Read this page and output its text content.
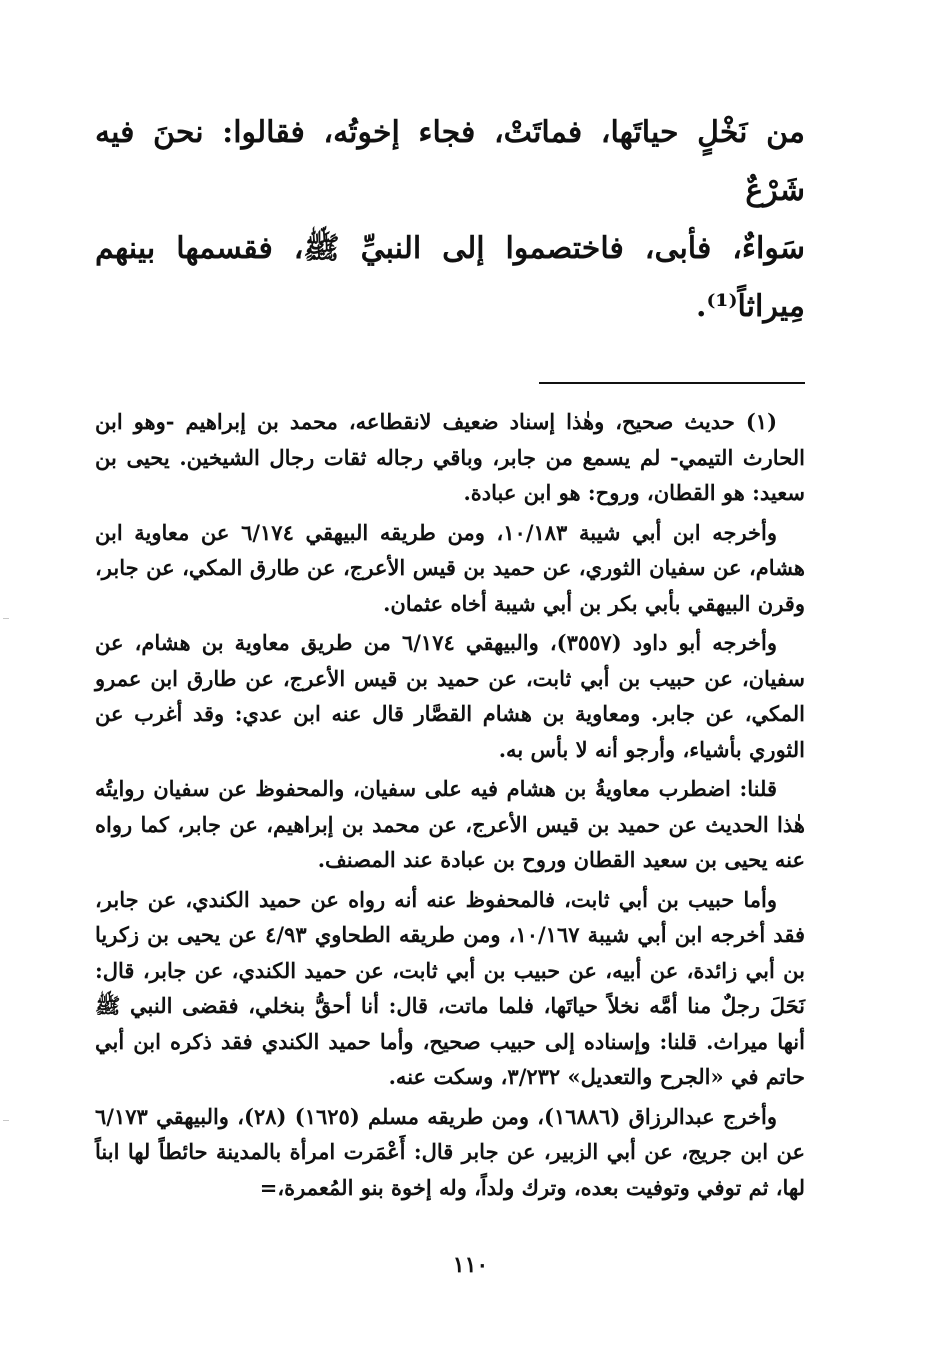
من نَخْلٍ حياتَها، فماتَتْ، فجاء إخوتُه، فقالوا: نحنَ فيه شَرْعٌ

سَواءٌ، فأبى، فاختصموا إلى النبيِّ ﷺ، فقسمها بينهم مِيراثاً⁽¹⁾.

(١) حديث صحيح، وهٰذا إسناد ضعيف لانقطاعه، محمد بن إبراهيم -وهو ابن الحارث التيمي- لم يسمع من جابر، وباقي رجاله ثقات رجال الشيخين. يحيى بن سعيد: هو القطان، وروح: هو ابن عبادة.

وأخرجه ابن أبي شيبة ١٠/١٨٣، ومن طريقه البيهقي ٦/١٧٤ عن معاوية ابن هشام، عن سفيان الثوري، عن حميد بن قيس الأعرج، عن طارق المكي، عن جابر، وقرن البيهقي بأبي بكر بن أبي شيبة أخاه عثمان.

وأخرجه أبو داود (٣٥٥٧)، والبيهقي ٦/١٧٤ من طريق معاوية بن هشام، عن سفيان، عن حبيب بن أبي ثابت، عن حميد بن قيس الأعرج، عن طارق ابن عمرو المكي، عن جابر. ومعاوية بن هشام القصَّار قال عنه ابن عدي: وقد أغرب عن الثوري بأشياء، وأرجو أنه لا بأس به.

قلنا: اضطرب معاويةُ بن هشام فيه على سفيان، والمحفوظ عن سفيان روايتُه هٰذا الحديث عن حميد بن قيس الأعرج، عن محمد بن إبراهيم، عن جابر، كما رواه عنه يحيى بن سعيد القطان وروح بن عبادة عند المصنف.

وأما حبيب بن أبي ثابت، فالمحفوظ عنه أنه رواه عن حميد الكندي، عن جابر، فقد أخرجه ابن أبي شيبة ١٠/١٦٧، ومن طريقه الطحاوي ٤/٩٣ عن يحيى بن زكريا بن أبي زائدة، عن أبيه، عن حبيب بن أبي ثابت، عن حميد الكندي، عن جابر، قال: نَحَلَ رجلٌ منا أمَّه نخلاً حياتَها، فلما ماتت، قال: أنا أحقُّ بنخلي، فقضى النبي ﷺ أنها ميراث. قلنا: وإسناده إلى حبيب صحيح، وأما حميد الكندي فقد ذكره ابن أبي حاتم في «الجرح والتعديل» ٣/٢٣٢، وسكت عنه.

وأخرج عبدالرزاق (١٦٨٨٦)، ومن طريقه مسلم (١٦٢٥) (٢٨)، والبيهقي ٦/١٧٣ عن ابن جريج، عن أبي الزبير، عن جابر قال: أَعْمَرت امرأة بالمدينة حائطاً لها ابناً لها، ثم توفي وتوفيت بعده، وترك ولداً، وله إخوة بنو المُعمرة،=

١١٠
